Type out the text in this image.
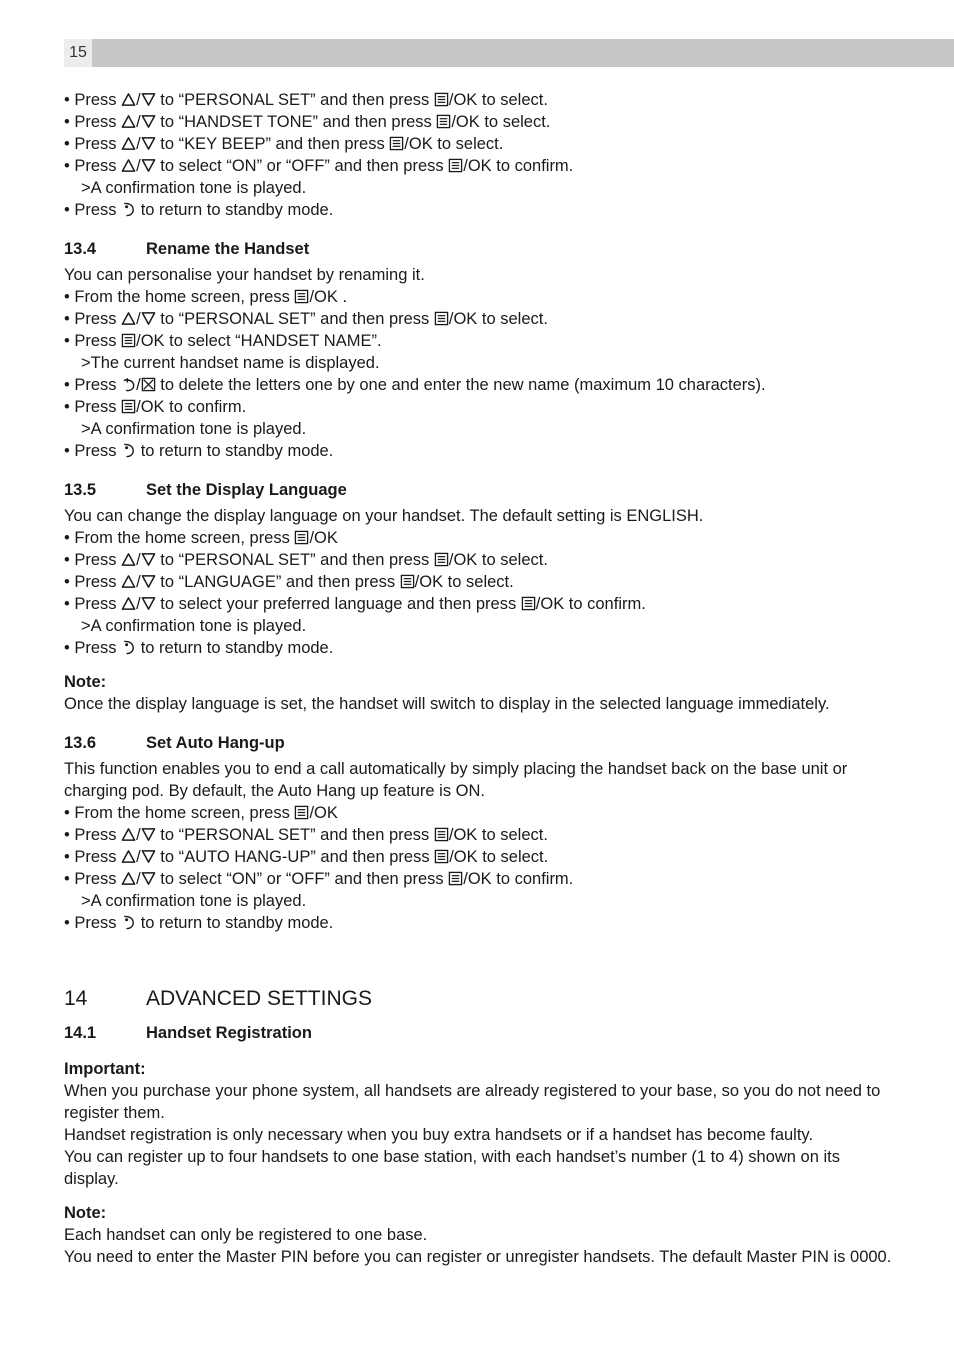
15
• Press
/
to “PERSONAL SET” and then press
/OK to select.
• Press
/
to “HANDSET TONE” and then press
/OK to select.
• Press
/
to “KEY BEEP” and then press
/OK to select.
• Press
/
to select “ON” or “OFF” and then press
/OK to confirm.
>A confirmation tone is played.
• Press
to return to standby mode.
13.4	Rename the Handset
You can personalise your handset by renaming it.
• From the home screen, press
/OK .
• Press
/
to “PERSONAL SET” and then press
/OK to select.
• Press
/OK to select “HANDSET NAME”.
>The current handset name is displayed.
• Press
/
to delete the letters one by one and enter the new name (maximum 10 characters).
• Press
/OK to confirm.
>A confirmation tone is played.
• Press
to return to standby mode.
13.5	Set the Display Language
You can change the display language on your handset. The default setting is ENGLISH.
• From the home screen, press
/OK
• Press
/
to “PERSONAL SET” and then press
/OK to select.
• Press
/
to “LANGUAGE” and then press
/OK to select.
• Press
/
to select your preferred language and then press
/OK to confirm.
>A confirmation tone is played.
• Press
to return to standby mode.
Note:
Once the display language is set, the handset will switch to display in the selected language immediately.
13.6	Set Auto Hang-up
This function enables you to end a call automatically by simply placing the handset back on the base unit or charging pod. By default, the Auto Hang up feature is ON.
• From the home screen, press
/OK
• Press
/
to “PERSONAL SET” and then press
/OK to select.
• Press
/
to “AUTO HANG-UP” and then press
/OK to select.
• Press
/
to select “ON” or “OFF” and then press
/OK to confirm.
>A confirmation tone is played.
• Press
to return to standby mode.
14	ADVANCED SETTINGS
14.1	Handset Registration
Important:
When you purchase your phone system, all handsets are already registered to your base, so you do not need to register them.
Handset registration is only necessary when you buy extra handsets or if a handset has become faulty.
You can register up to four handsets to one base station, with each handset’s number (1 to 4) shown on its display.
Note:
Each handset can only be registered to one base.
You need to enter the Master PIN before you can register or unregister handsets. The default Master PIN is 0000.
